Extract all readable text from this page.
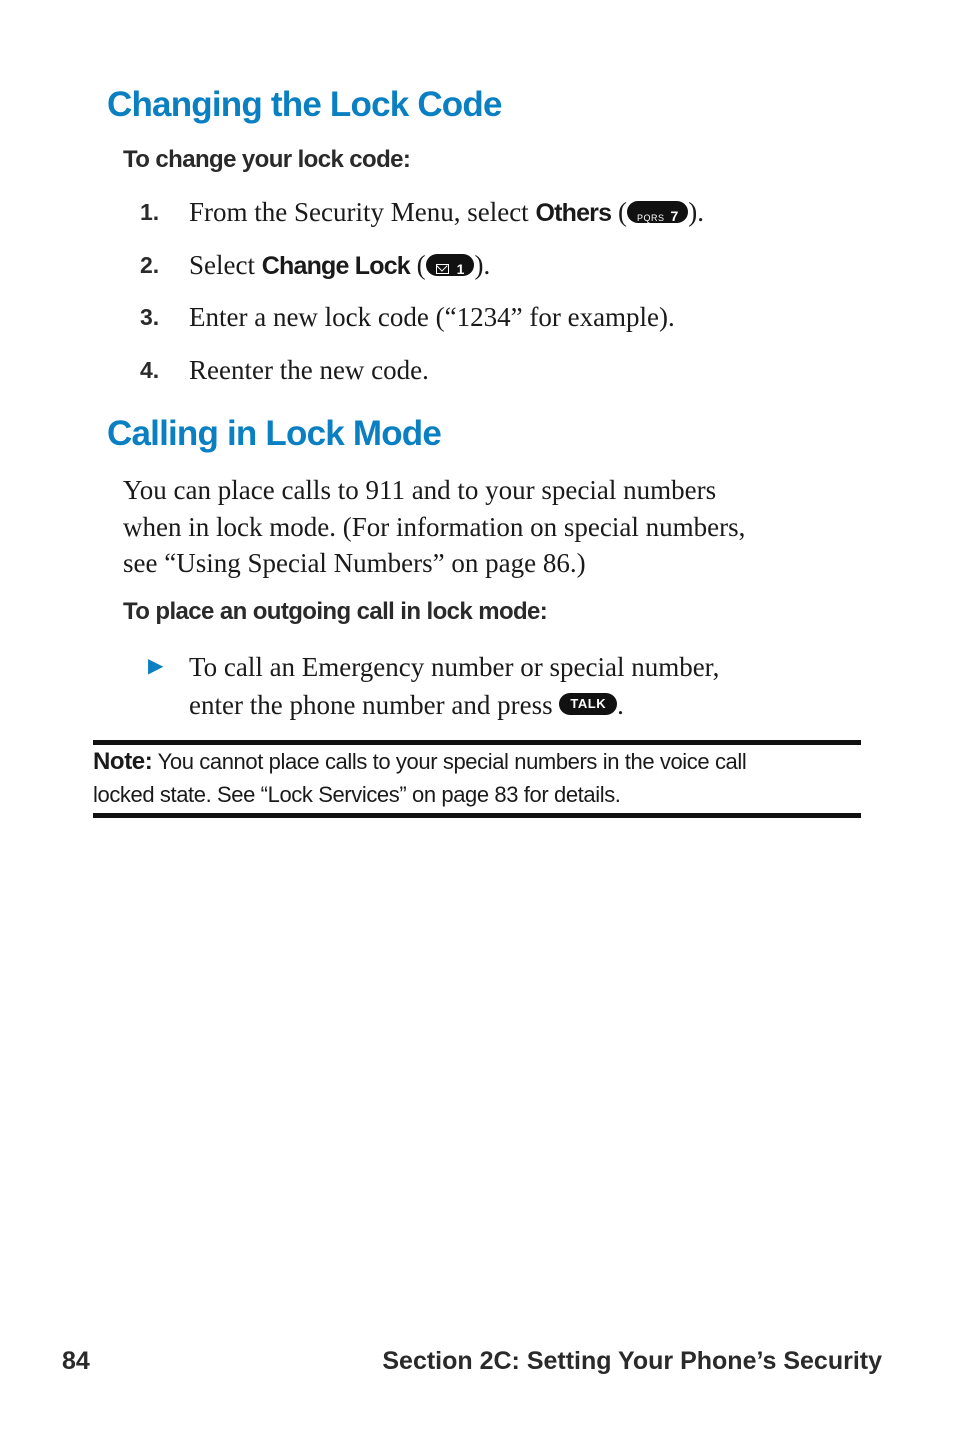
Changing the Lock Code

To change your lock code:

1. From the Security Menu, select Others ( PQRS 7 ).
2. Select Change Lock ( 1 ).
3. Enter a new lock code (“1234” for example).
4. Reenter the new code.
Calling in Lock Mode

You can place calls to 911 and to your special numbers
when in lock mode. (For information on special numbers,
see “Using Special Numbers” on page 86.)

To place an outgoing call in lock mode:

▶ To call an Emergency number or special number,
enter the phone number and press TALK .

Note: You cannot place calls to your special numbers in the voice call
locked state. See “Lock Services” on page 83 for details.

84	Section 2C: Setting Your Phone’s Security
